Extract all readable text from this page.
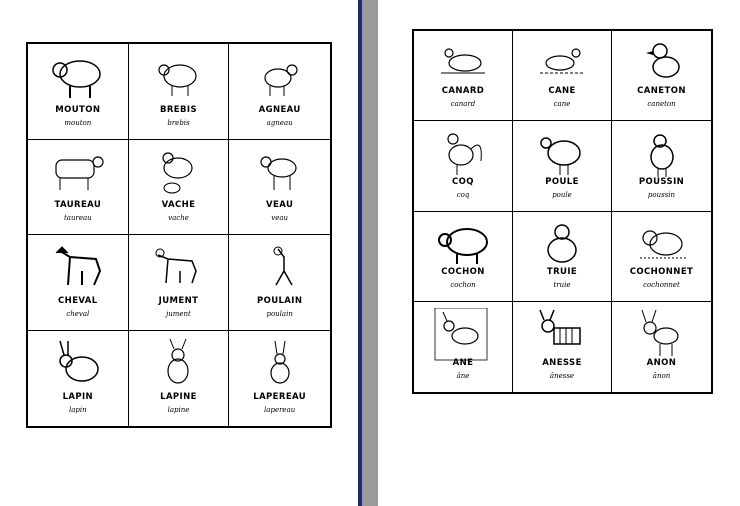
MOUTON
mouton
BREBIS
brebis
AGNEAU
agneau
TAUREAU
taureau
VACHE
vache
VEAU
veau
CHEVAL
cheval
JUMENT
jument
POULAIN
poulain
LAPIN
lapin
LAPINE
lapine
LAPEREAU
lapereau
CANARD
canard
CANE
cane
CANETON
caneton
COQ
coq
POULE
poule
POUSSIN
poussin
COCHON
cochon
TRUIE
truie
COCHONNET
cochonnet
ANE
âne
ANESSE
ânesse
ANON
ânon
